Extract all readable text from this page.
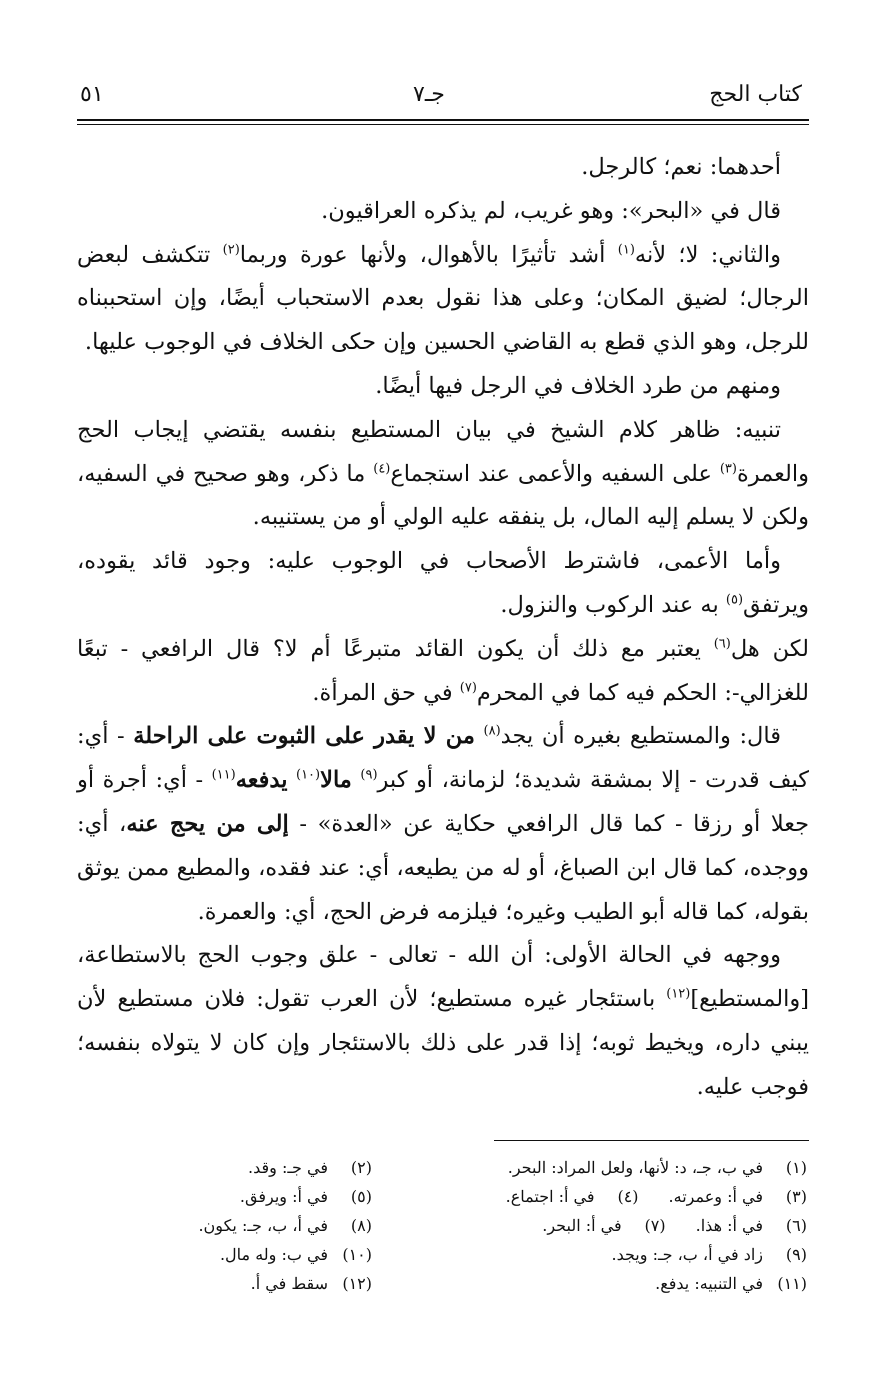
كتاب الحج
جـ٧
٥١

أحدهما: نعم؛ كالرجل.

قال في «البحر»: وهو غريب، لم يذكره العراقيون.

والثاني: لا؛ لأنه$^{(١)}$ أشد تأثيرًا بالأهوال، ولأنها عورة وربما$^{(٢)}$ تتكشف لبعض الرجال؛ لضيق المكان؛ وعلى هذا نقول بعدم الاستحباب أيضًا، وإن استحببناه للرجل، وهو الذي قطع به القاضي الحسين وإن حكى الخلاف في الوجوب عليها.

ومنهم من طرد الخلاف في الرجل فيها أيضًا.

تنبيه: ظاهر كلام الشيخ في بيان المستطيع بنفسه يقتضي إيجاب الحج والعمرة$^{(٣)}$ على السفيه والأعمى عند استجماع$^{(٤)}$ ما ذكر، وهو صحيح في السفيه، ولكن لا يسلم إليه المال، بل ينفقه عليه الولي أو من يستنيبه.

وأما الأعمى، فاشترط الأصحاب في الوجوب عليه: وجود قائد يقوده، ويرتفق$^{(٥)}$ به عند الركوب والنزول.

لكن هل$^{(٦)}$ يعتبر مع ذلك أن يكون القائد متبرعًا أم لا؟ قال الرافعي - تبعًا للغزالي-: الحكم فيه كما في المحرم$^{(٧)}$ في حق المرأة.

قال: والمستطيع بغيره أن يجد$^{(٨)}$ من لا يقدر على الثبوت على الراحلة - أي: كيف قدرت - إلا بمشقة شديدة؛ لزمانة، أو كبر$^{(٩)}$ مالا$^{(١٠)}$ يدفعه$^{(١١)}$ - أي: أجرة أو جعلا أو رزقا - كما قال الرافعي حكاية عن «العدة» - إلى من يحج عنه، أي: ووجده، كما قال ابن الصباغ، أو له من يطيعه، أي: عند فقده، والمطيع ممن يوثق بقوله، كما قاله أبو الطيب وغيره؛ فيلزمه فرض الحج، أي: والعمرة.

ووجهه في الحالة الأولى: أن الله - تعالى - علق وجوب الحج بالاستطاعة، [والمستطيع]$^{(١٢)}$ باستئجار غيره مستطيع؛ لأن العرب تقول: فلان مستطيع لأن يبني داره، ويخيط ثوبه؛ إذا قدر على ذلك بالاستئجار وإن كان لا يتولاه بنفسه؛ فوجب عليه.

(١)في ب، جـ، د: لأنها، ولعل المراد: البحر.
(٣)في أ: وعمرته.(٤)في أ: اجتماع.
(٦)في أ: هذا.(٧)في أ: البحر.
(٩)زاد في أ، ب، جـ: ويجد.
(١١)في التنبيه: يدفع.
(٢)في جـ: وقد.
(٥)في أ: ويرفق.
(٨)في أ، ب، جـ: يكون.
(١٠)في ب: وله مال.
(١٢)سقط في أ.
